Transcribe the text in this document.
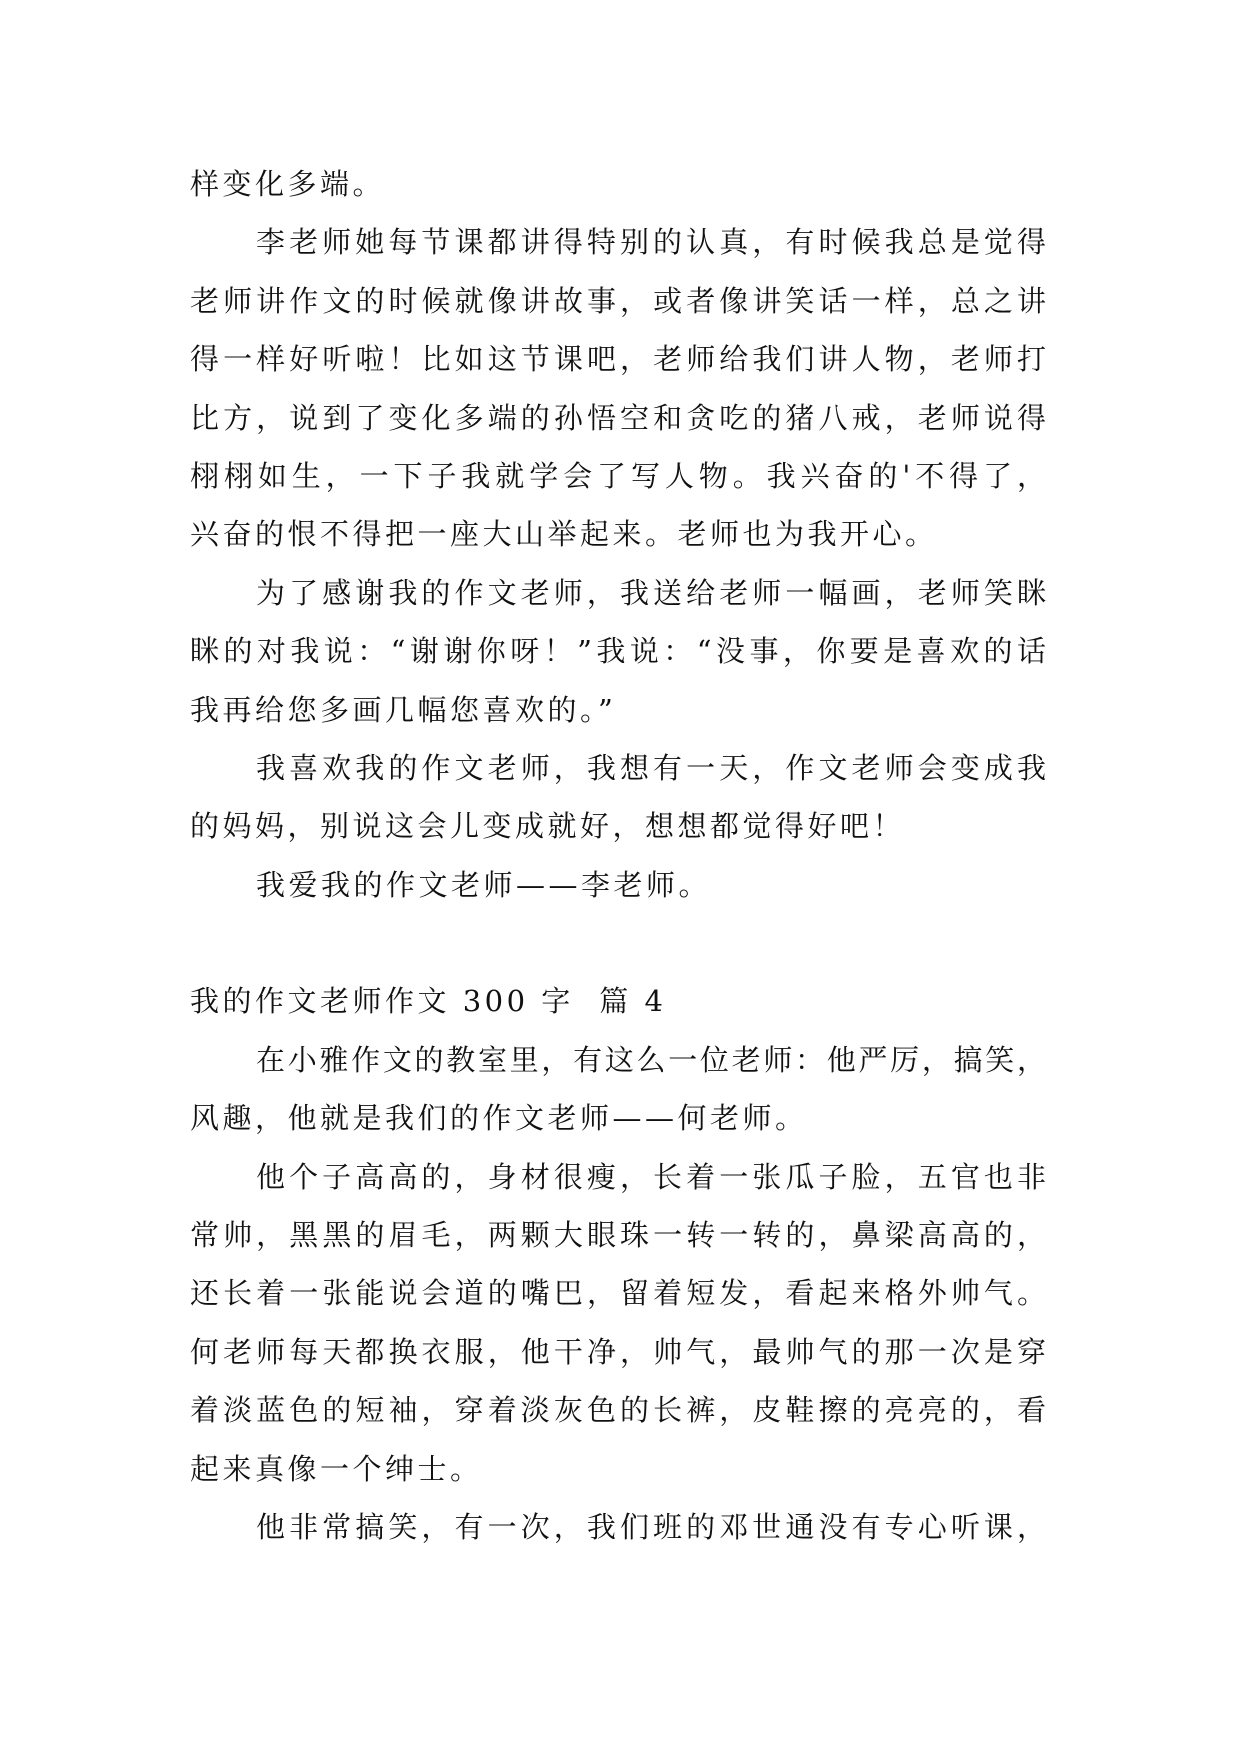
样变化多端。

李老师她每节课都讲得特别的认真，有时候我总是觉得
老师讲作文的时候就像讲故事，或者像讲笑话一样，总之讲
得一样好听啦！比如这节课吧，老师给我们讲人物，老师打
比方，说到了变化多端的孙悟空和贪吃的猪八戒，老师说得
栩栩如生，一下子我就学会了写人物。我兴奋的'不得了，
兴奋的恨不得把一座大山举起来。老师也为我开心。

为了感谢我的作文老师，我送给老师一幅画，老师笑眯
眯的对我说：“谢谢你呀！”我说：“没事，你要是喜欢的话
我再给您多画几幅您喜欢的。”

我喜欢我的作文老师，我想有一天，作文老师会变成我
的妈妈，别说这会儿变成就好，想想都觉得好吧！

我爱我的作文老师——李老师。

我的作文老师作文 300 字  篇 4

在小雅作文的教室里，有这么一位老师：他严厉，搞笑，
风趣，他就是我们的作文老师——何老师。

他个子高高的，身材很瘦，长着一张瓜子脸，五官也非
常帅，黑黑的眉毛，两颗大眼珠一转一转的，鼻梁高高的，
还长着一张能说会道的嘴巴，留着短发，看起来格外帅气。
何老师每天都换衣服，他干净，帅气，最帅气的那一次是穿
着淡蓝色的短袖，穿着淡灰色的长裤，皮鞋擦的亮亮的，看
起来真像一个绅士。

他非常搞笑，有一次，我们班的邓世通没有专心听课，
